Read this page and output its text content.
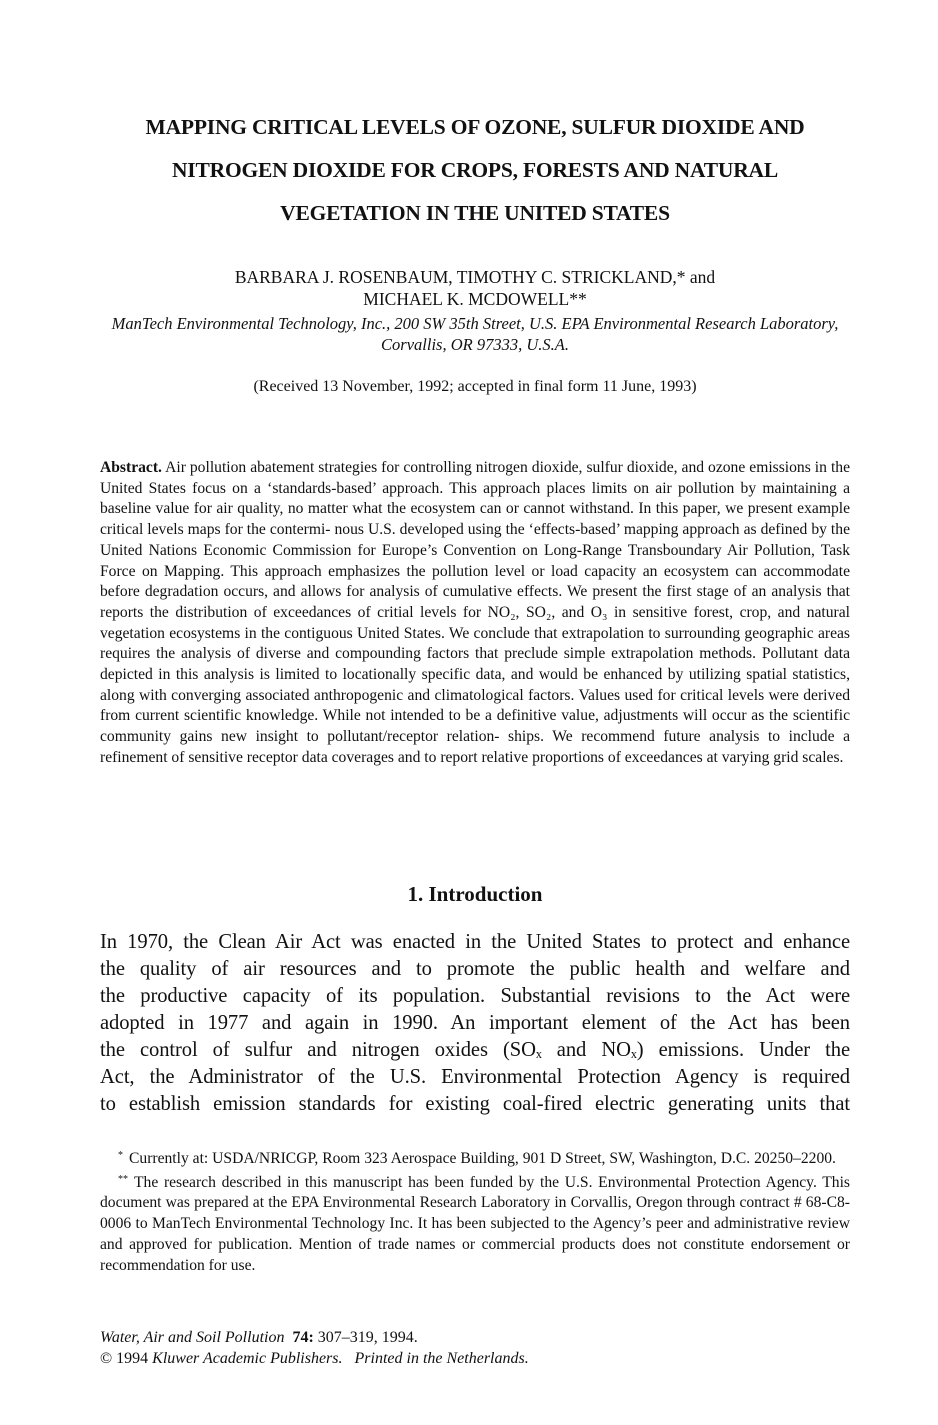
MAPPING CRITICAL LEVELS OF OZONE, SULFUR DIOXIDE AND
NITROGEN DIOXIDE FOR CROPS, FORESTS AND NATURAL
VEGETATION IN THE UNITED STATES
BARBARA J. ROSENBAUM, TIMOTHY C. STRICKLAND,* and
MICHAEL K. MCDOWELL**
ManTech Environmental Technology, Inc., 200 SW 35th Street, U.S. EPA Environmental Research Laboratory, Corvallis, OR 97333, U.S.A.
(Received 13 November, 1992; accepted in final form 11 June, 1993)
Abstract. Air pollution abatement strategies for controlling nitrogen dioxide, sulfur dioxide, and ozone emissions in the United States focus on a ‘standards-based’ approach. This approach places limits on air pollution by maintaining a baseline value for air quality, no matter what the ecosystem can or cannot withstand. In this paper, we present example critical levels maps for the contermi- nous U.S. developed using the ‘effects-based’ mapping approach as defined by the United Nations Economic Commission for Europe’s Convention on Long-Range Transboundary Air Pollution, Task Force on Mapping. This approach emphasizes the pollution level or load capacity an ecosystem can accommodate before degradation occurs, and allows for analysis of cumulative effects. We present the first stage of an analysis that reports the distribution of exceedances of critial levels for NO₂, SO₂, and O₃ in sensitive forest, crop, and natural vegetation ecosystems in the contiguous United States. We conclude that extrapolation to surrounding geographic areas requires the analysis of diverse and compounding factors that preclude simple extrapolation methods. Pollutant data depicted in this analysis is limited to locationally specific data, and would be enhanced by utilizing spatial statistics, along with converging associated anthropogenic and climatological factors. Values used for critical levels were derived from current scientific knowledge. While not intended to be a definitive value, adjustments will occur as the scientific community gains new insight to pollutant/receptor relation- ships. We recommend future analysis to include a refinement of sensitive receptor data coverages and to report relative proportions of exceedances at varying grid scales.
1. Introduction
In 1970, the Clean Air Act was enacted in the United States to protect and enhance
the quality of air resources and to promote the public health and welfare and
the productive capacity of its population. Substantial revisions to the Act were
adopted in 1977 and again in 1990. An important element of the Act has been
the control of sulfur and nitrogen oxides (SOₓ and NOₓ) emissions. Under the
Act, the Administrator of the U.S. Environmental Protection Agency is required
to establish emission standards for existing coal-fired electric generating units that

* Currently at: USDA/NRICGP, Room 323 Aerospace Building, 901 D Street, SW, Washington, D.C. 20250–2200.

** The research described in this manuscript has been funded by the U.S. Environmental Protection Agency. This document was prepared at the EPA Environmental Research Laboratory in Corvallis, Oregon through contract # 68-C8-0006 to ManTech Environmental Technology Inc. It has been subjected to the Agency’s peer and administrative review and approved for publication. Mention of trade names or commercial products does not constitute endorsement or recommendation for use.

Water, Air and Soil Pollution 74: 307–319, 1994.
© 1994 Kluwer Academic Publishers. Printed in the Netherlands.
